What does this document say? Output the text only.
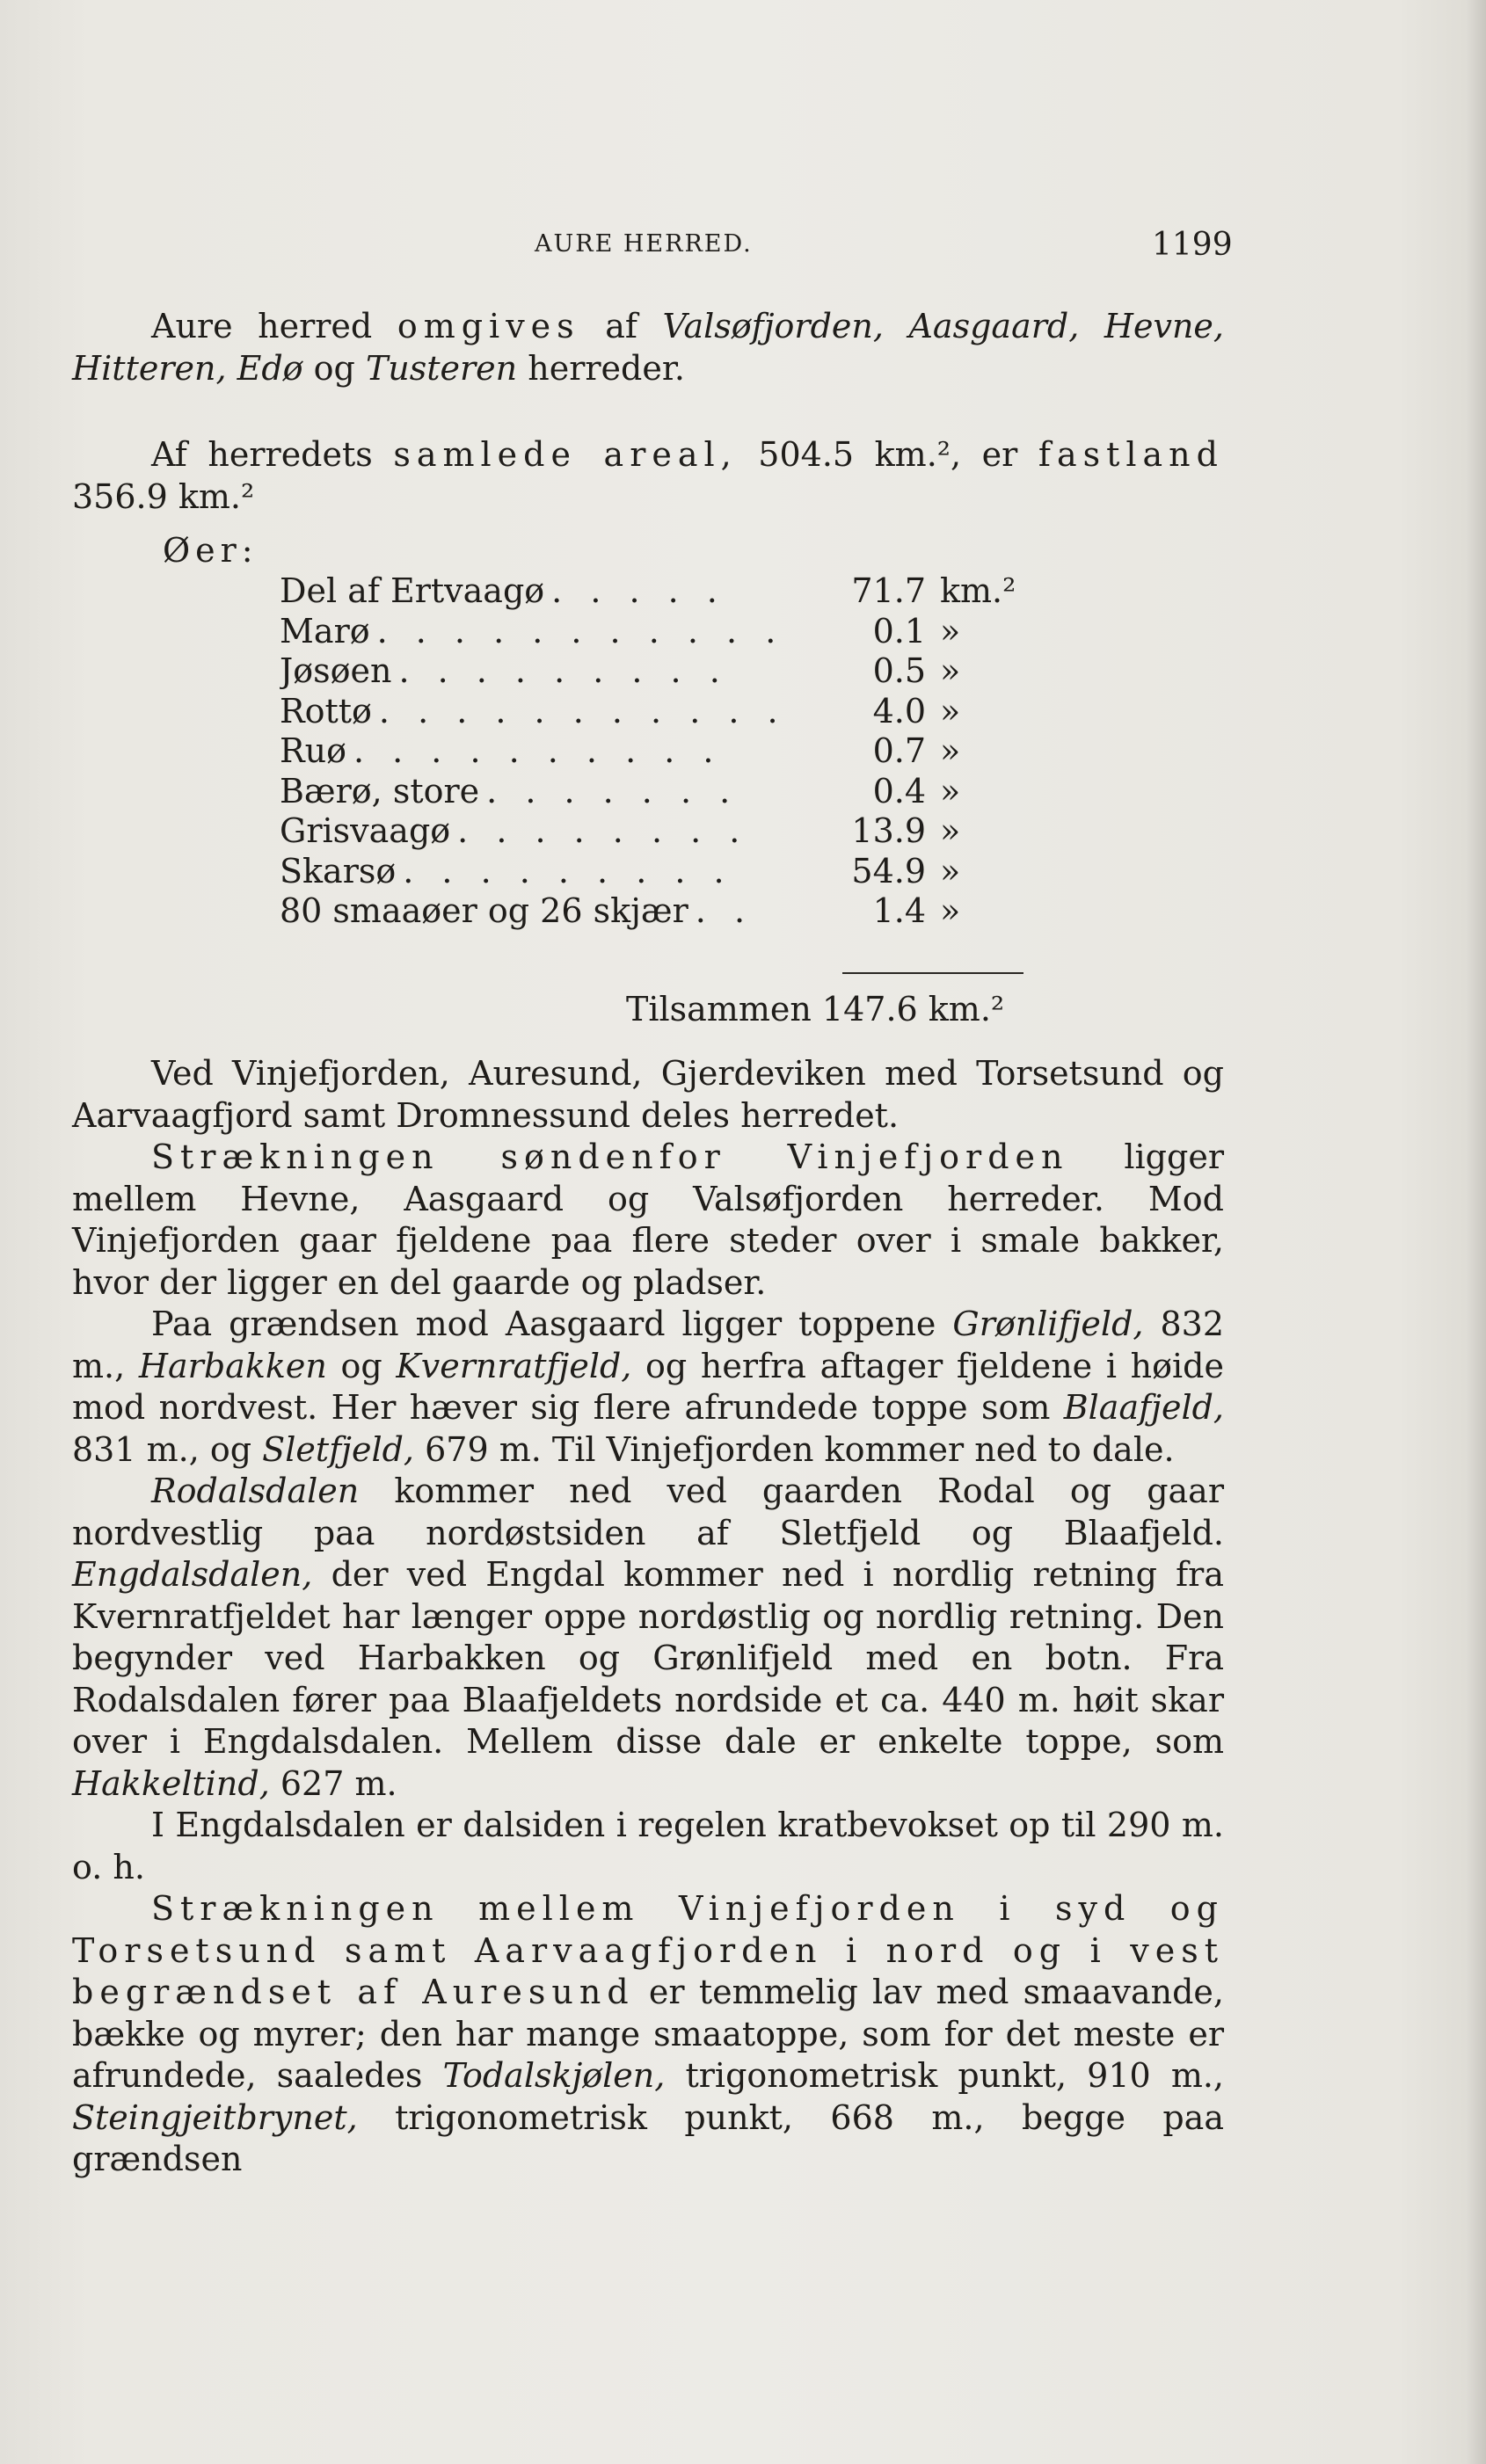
AURE HERRED.	1199

Aure herred omgives af Valsøfjorden, Aasgaard, Hevne, Hitteren, Edø og Tusteren herreder.

Af herredets samlede areal, 504.5 km.², er fastland 356.9 km.²

Øer:
Del af Ertvaagø . . . . .	71.7	km.²
Marø . . . . . . . . . . .	0.1	»
Jøsøen . . . . . . . . .	0.5	»
Rottø . . . . . . . . . . .	4.0	»
Ruø . . . . . . . . . .	0.7	»
Bærø, store . . . . . . .	0.4	»
Grisvaagø . . . . . . . .	13.9	»
Skarsø . . . . . . . . .	54.9	»
80 smaaøer og 26 skjær . .	1.4	»
Tilsammen 147.6 km.²

Ved Vinjefjorden, Auresund, Gjerdeviken med Torsetsund og Aarvaagfjord samt Dromnessund deles herredet.

Strækningen søndenfor Vinjefjorden ligger mellem Hevne, Aasgaard og Valsøfjorden herreder. Mod Vinjefjorden gaar fjeldene paa flere steder over i smale bakker, hvor der ligger en del gaarde og pladser.

Paa grændsen mod Aasgaard ligger toppene Grønlifjeld, 832 m., Harbakken og Kvernratfjeld, og herfra aftager fjeldene i høide mod nordvest. Her hæver sig flere afrundede toppe som Blaafjeld, 831 m., og Sletfjeld, 679 m. Til Vinjefjorden kommer ned to dale.

Rodalsdalen kommer ned ved gaarden Rodal og gaar nordvestlig paa nordøstsiden af Sletfjeld og Blaafjeld. Engdalsdalen, der ved Engdal kommer ned i nordlig retning fra Kvernratfjeldet har længer oppe nordøstlig og nordlig retning. Den begynder ved Harbakken og Grønlifjeld med en botn. Fra Rodalsdalen fører paa Blaafjeldets nordside et ca. 440 m. høit skar over i Engdalsdalen. Mellem disse dale er enkelte toppe, som Hakkeltind, 627 m.

I Engdalsdalen er dalsiden i regelen kratbevokset op til 290 m. o. h.

Strækningen mellem Vinjefjorden i syd og Torsetsund samt Aarvaagfjorden i nord og i vest begrændset af Auresund er temmelig lav med smaavande, bække og myrer; den har mange smaatoppe, som for det meste er afrundede, saaledes Todalskjølen, trigonometrisk punkt, 910 m., Steingjeitbrynet, trigonometrisk punkt, 668 m., begge paa grændsen
